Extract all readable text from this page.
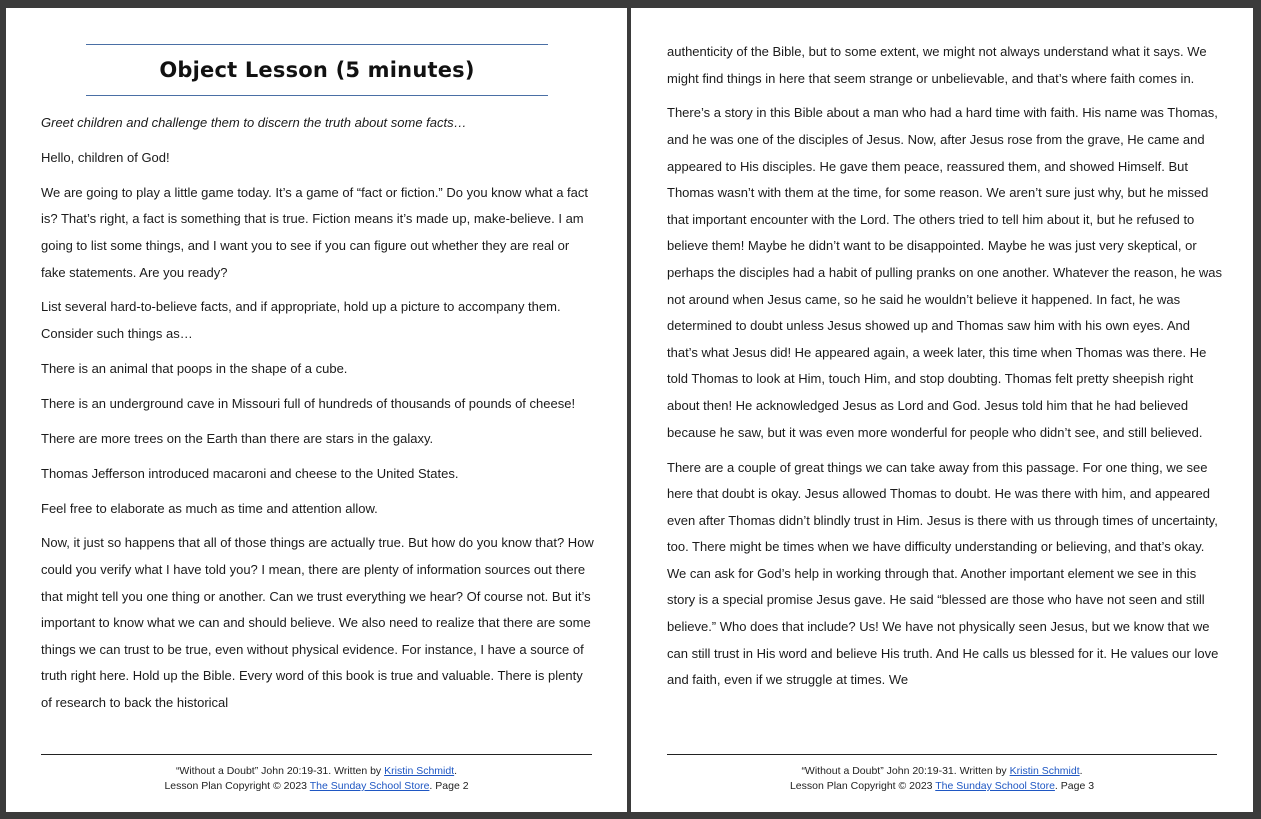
Object Lesson (5 minutes)

Greet children and challenge them to discern the truth about some facts…

Hello, children of God!

We are going to play a little game today. It’s a game of “fact or fiction.” Do you know what a fact is? That’s right, a fact is something that is true. Fiction means it’s made up, make-believe. I am going to list some things, and I want you to see if you can figure out whether they are real or fake statements. Are you ready?

List several hard-to-believe facts, and if appropriate, hold up a picture to accompany them. Consider such things as…

There is an animal that poops in the shape of a cube.

There is an underground cave in Missouri full of hundreds of thousands of pounds of cheese!

There are more trees on the Earth than there are stars in the galaxy.

Thomas Jefferson introduced macaroni and cheese to the United States.

Feel free to elaborate as much as time and attention allow.

Now, it just so happens that all of those things are actually true. But how do you know that? How could you verify what I have told you? I mean, there are plenty of information sources out there that might tell you one thing or another. Can we trust everything we hear? Of course not. But it’s important to know what we can and should believe. We also need to realize that there are some things we can trust to be true, even without physical evidence. For instance, I have a source of truth right here. Hold up the Bible. Every word of this book is true and valuable. There is plenty of research to back the historical

“Without a Doubt” John 20:19-31. Written by Kristin Schmidt.
Lesson Plan Copyright © 2023 The Sunday School Store. Page 2

authenticity of the Bible, but to some extent, we might not always understand what it says. We might find things in here that seem strange or unbelievable, and that’s where faith comes in.

There’s a story in this Bible about a man who had a hard time with faith. His name was Thomas, and he was one of the disciples of Jesus. Now, after Jesus rose from the grave, He came and appeared to His disciples. He gave them peace, reassured them, and showed Himself. But Thomas wasn’t with them at the time, for some reason. We aren’t sure just why, but he missed that important encounter with the Lord. The others tried to tell him about it, but he refused to believe them! Maybe he didn’t want to be disappointed. Maybe he was just very skeptical, or perhaps the disciples had a habit of pulling pranks on one another. Whatever the reason, he was not around when Jesus came, so he said he wouldn’t believe it happened. In fact, he was determined to doubt unless Jesus showed up and Thomas saw him with his own eyes. And that’s what Jesus did! He appeared again, a week later, this time when Thomas was there. He told Thomas to look at Him, touch Him, and stop doubting. Thomas felt pretty sheepish right about then! He acknowledged Jesus as Lord and God. Jesus told him that he had believed because he saw, but it was even more wonderful for people who didn’t see, and still believed.

There are a couple of great things we can take away from this passage. For one thing, we see here that doubt is okay. Jesus allowed Thomas to doubt. He was there with him, and appeared even after Thomas didn’t blindly trust in Him. Jesus is there with us through times of uncertainty, too. There might be times when we have difficulty understanding or believing, and that’s okay. We can ask for God’s help in working through that. Another important element we see in this story is a special promise Jesus gave. He said “blessed are those who have not seen and still believe.” Who does that include? Us! We have not physically seen Jesus, but we know that we can still trust in His word and believe His truth. And He calls us blessed for it. He values our love and faith, even if we struggle at times. We

“Without a Doubt” John 20:19-31. Written by Kristin Schmidt.
Lesson Plan Copyright © 2023 The Sunday School Store. Page 3
